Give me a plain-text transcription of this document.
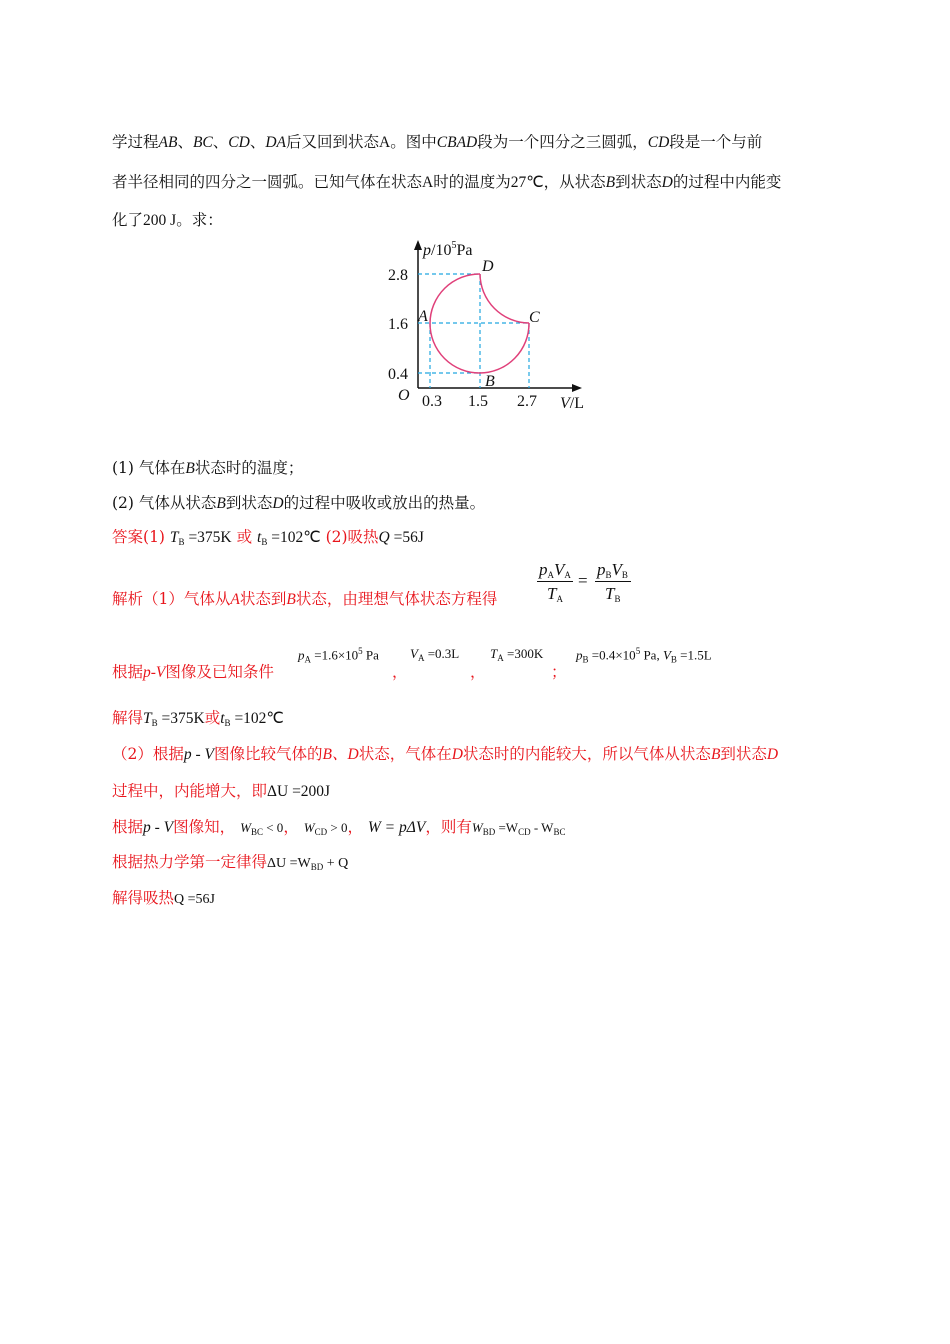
学过程AB、BC、CD、DA后又回到状态A。图中CBAD段为一个四分之三圆弧，CD段是一个与前
者半径相同的四分之一圆弧。已知气体在状态A时的温度为27℃，从状态B到状态D的过程中内能变
化了200 J。求：
2.8
1.6
0.4
0.3 1.5 2.7
O
$p/10^5Pa$
V/L
A
B
C
D
(1) 气体在B状态时的温度；
(2) 气体从状态B到状态D的过程中吸收或放出的热量。
答案(1) $T_B =375K$ 或 $t_B$ =102℃ (2)吸热Q =56J
解析（1）气体从A状态到B状态，由理想气体状态方程得
$p_AV_A$
$T_A$
=
$p_BV_B$
$T_B$
根据p-V图像及已知条件
$p_A =1.6\times 10^5$ Pa
，
$V_A =0.3L$
，
$T_A =300K$
；
$p_B =0.4\times 10^5$ Pa, $V_B =1.5L$
解得$T_B =375K$或$t_B$ =102℃
（2）根据p - V图像比较气体的B、D状态，气体在D状态时的内能较大，所以气体从状态B到状态D
过程中，内能增大，即ΔU =200J
根据p - V图像知， $W_{BC} < 0$， $W_{CD} > 0$， W = pΔV，则有$W_{BD} =W_{CD} - W_{BC}$
根据热力学第一定律得$\Delta U =W_{BD} + Q$
解得吸热Q =56J
